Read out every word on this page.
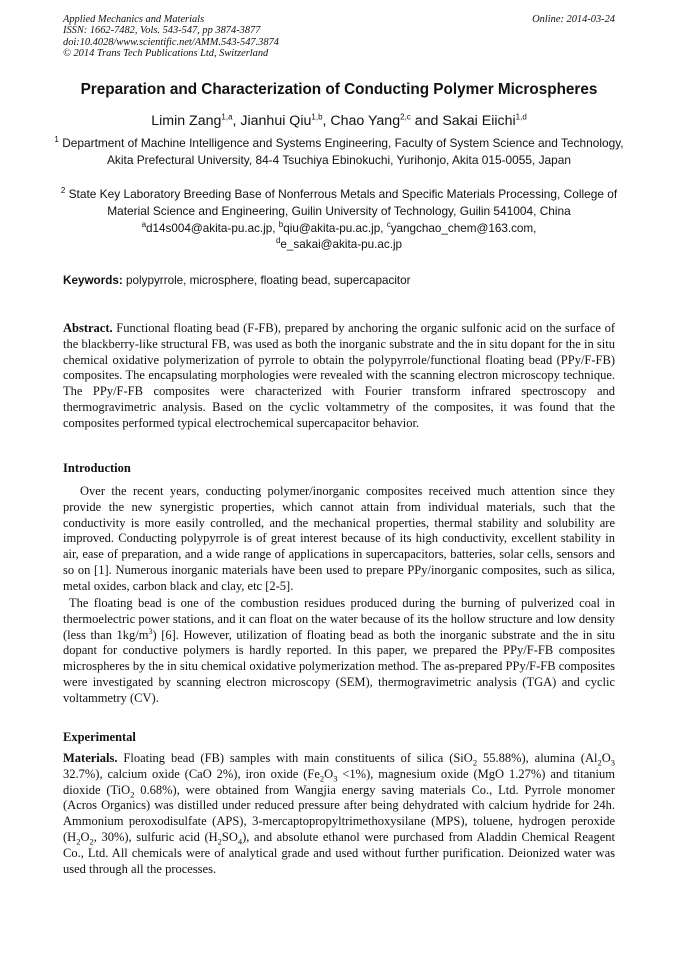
Applied Mechanics and Materials
ISSN: 1662-7482, Vols. 543-547, pp 3874-3877
doi:10.4028/www.scientific.net/AMM.543-547.3874
© 2014 Trans Tech Publications Ltd, Switzerland
Online: 2014-03-24
Preparation and Characterization of Conducting Polymer Microspheres
Limin Zang$^{1,a}$, Jianhui Qiu$^{1,b}$, Chao Yang$^{2,c}$ and Sakai Eiichi$^{1,d}$
$^1$ Department of Machine Intelligence and Systems Engineering, Faculty of System Science and Technology, Akita Prefectural University, 84-4 Tsuchiya Ebinokuchi, Yurihonjo, Akita 015-0055, Japan
$^2$ State Key Laboratory Breeding Base of Nonferrous Metals and Specific Materials Processing, College of Material Science and Engineering, Guilin University of Technology, Guilin 541004, China
$^a$d14s004@akita-pu.ac.jp, $^b$qiu@akita-pu.ac.jp, $^c$yangchao_chem@163.com,
$^d$e_sakai@akita-pu.ac.jp
Keywords: polypyrrole, microsphere, floating bead, supercapacitor
Abstract. Functional floating bead (F-FB), prepared by anchoring the organic sulfonic acid on the surface of the blackberry-like structural FB, was used as both the inorganic substrate and the in situ dopant for the in situ chemical oxidative polymerization of pyrrole to obtain the polypyrrole/functional floating bead (PPy/F-FB) composites. The encapsulating morphologies were revealed with the scanning electron microscopy technique. The PPy/F-FB composites were characterized with Fourier transform infrared spectroscopy and thermogravimetric analysis. Based on the cyclic voltammetry of the composites, it was found that the composites performed typical electrochemical supercapacitor behavior.
Introduction
Over the recent years, conducting polymer/inorganic composites received much attention since they provide the new synergistic properties, which cannot attain from individual materials, such that the conductivity is more easily controlled, and the mechanical properties, thermal stability and solubility are improved. Conducting polypyrrole is of great interest because of its high conductivity, excellent stability in air, ease of preparation, and a wide range of applications in supercapacitors, batteries, solar cells, sensors and so on [1]. Numerous inorganic materials have been used to prepare PPy/inorganic composites, such as silica, metal oxides, carbon black and clay, etc [2-5].
The floating bead is one of the combustion residues produced during the burning of pulverized coal in thermoelectric power stations, and it can float on the water because of its the hollow structure and low density (less than $1kg/m^3$) [6]. However, utilization of floating bead as both the inorganic substrate and the in situ dopant for conductive polymers is hardly reported. In this paper, we prepared the PPy/F-FB composites microspheres by the in situ chemical oxidative polymerization method. The as-prepared PPy/F-FB composites were investigated by scanning electron microscopy (SEM), thermogravimetric analysis (TGA) and cyclic voltammetry (CV).
Experimental
Materials. Floating bead (FB) samples with main constituents of silica (SiO$_2$ 55.88%), alumina ($Al_2O_3$ 32.7%), calcium oxide (CaO 2%), iron oxide $(Fe_2O_3 <1\%)$, magnesium oxide (MgO 1.27%) and titanium dioxide (TiO$_2$ 0.68%), were obtained from Wangjia energy saving materials Co., Ltd. Pyrrole monomer (Acros Organics) was distilled under reduced pressure after being dehydrated with calcium hydride for 24h. Ammonium peroxodisulfate (APS), 3-mercaptopropyltrimethoxysilane (MPS), toluene, hydrogen peroxide ($H_2O_2$, 30%), sulfuric acid $(H_2SO_4)$, and absolute ethanol were purchased from Aladdin Chemical Reagent Co., Ltd. All chemicals were of analytical grade and used without further purification. Deionized water was used through all the processes.
